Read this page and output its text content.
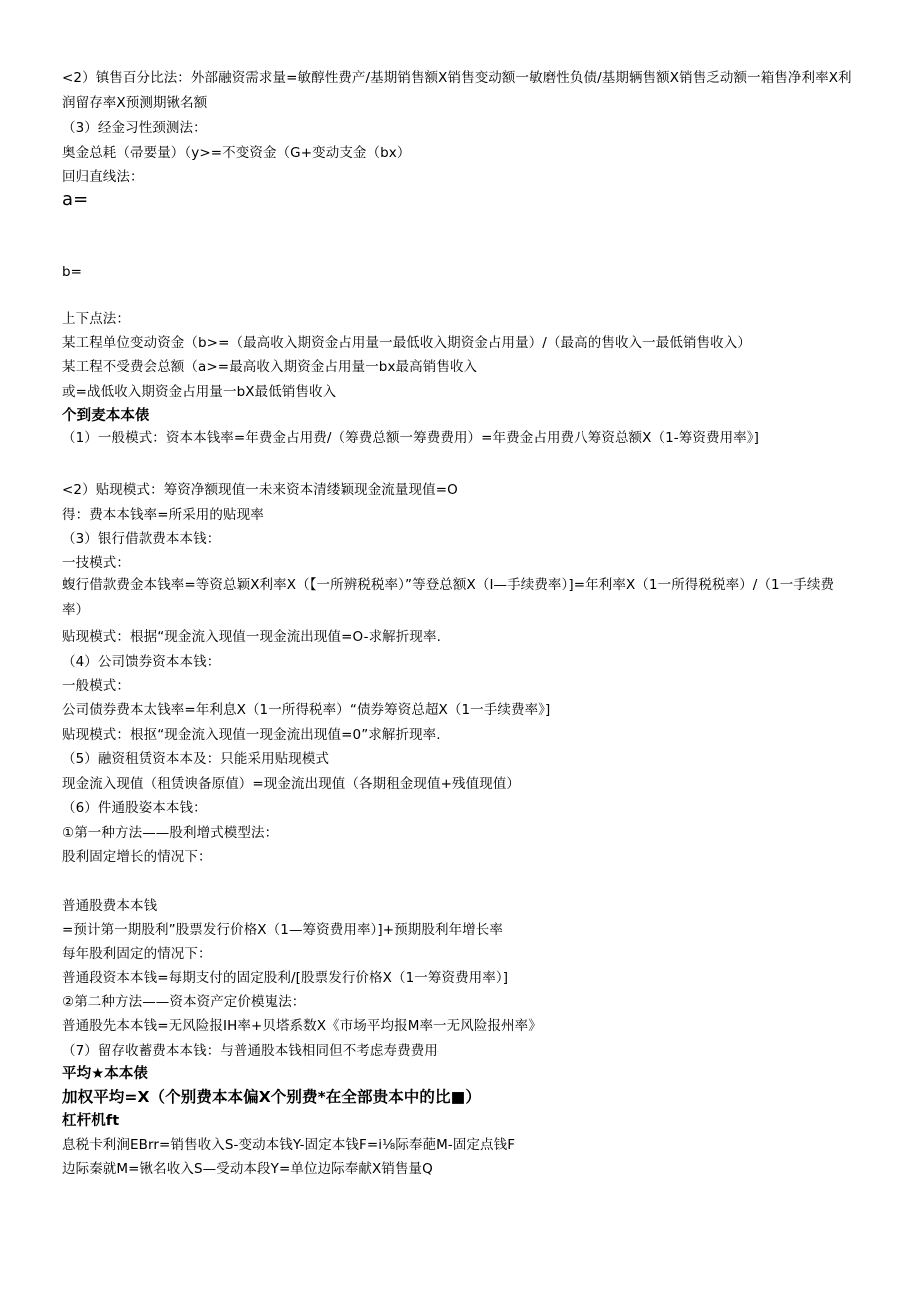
<2）镇售百分比法：外部融资需求量=敏醇性费产/基期销售额X销售变动额一敏磨性负债/基期辆售额X销售乏动额一箱售净利率X利润留存率X预测期锹名额
（3）经金习性颈测法：
奥金总耗（帚要量）（y>=不变资金（G+变动支金（bx）
回归直线法：
a=
b=
上下点法：
某工程单位变动资金（b>=（最高收入期资金占用量一最低收入期资金占用量）/（最高的售收入一最低销售收入）
某工程不受费会总额（a>=最高收入期资金占用量一bx最高销售收入
或=战低收入期资金占用量一bX最低销售收入
个到麦本本俵
（1）一般模式：资本本钱率=年费金占用费/（筹费总额一筹费费用）=年费金占用费八筹资总额X（1-筹资费用率》]
<2）贴现模式：筹资净额现值一未来资本清缕颖现金流量现值=O
得：费本本钱率=所采用的贴现率
（3）银行借款费本本钱：
一技模式：
蝮行借款费金本钱率=等资总颖X利率X（【一所辨税税率）”等登总额X（I—手续费率）]=年利率X（1一所得税税率）/（1一手续费率）
贴现模式：根据“现金流入现值一现金流出现值=O-求解折现率.
（4）公司馈券资本本钱：
一般模式：
公司债券费本太钱率=年利息X（1一所得税率）“债券筹资总超X（1一手续费率》]
贴现模式：根抠“现金流入现值一现金流出现值=0”求解折现率.
（5）融资租赁资本本及：只能采用贴现模式
现金流入现值（租赁谀备原值）=现金流出现值（各期租金现值+残值现值）
（6）件通股姿本本钱：
①第一种方法——股利增式模型法：
股利固定增长的情况下：
普通股费本本钱
=预计第一期股利”股票发行价格X（1—筹资费用率）]+预期股利年增长率
每年股利固定的情况下：
普通段资本本钱=每期支付的固定股利/[股票发行价格X（1一筹资费用率）]
②第二种方法——资本资产定价模嵬法：
普通股先本本钱=无风险报IH率+贝塔系数X《市场平均报M率一无风险报州率》
（7）留存收蓄费本本钱：与普通股本钱相同但不考虑寿费费用
平均★本本俵
加权平均=X（个别费本本偏X个别费*在全部贵本中的比■）
杠杆机ft
息税卡利涧EBrr=销售收入S-变动本钱Y-固定本钱F=i⅛际奉葩M-固定点钱F
边际秦就M=锹名收入S—受动本段Y=单位边际奉献X销售量Q
